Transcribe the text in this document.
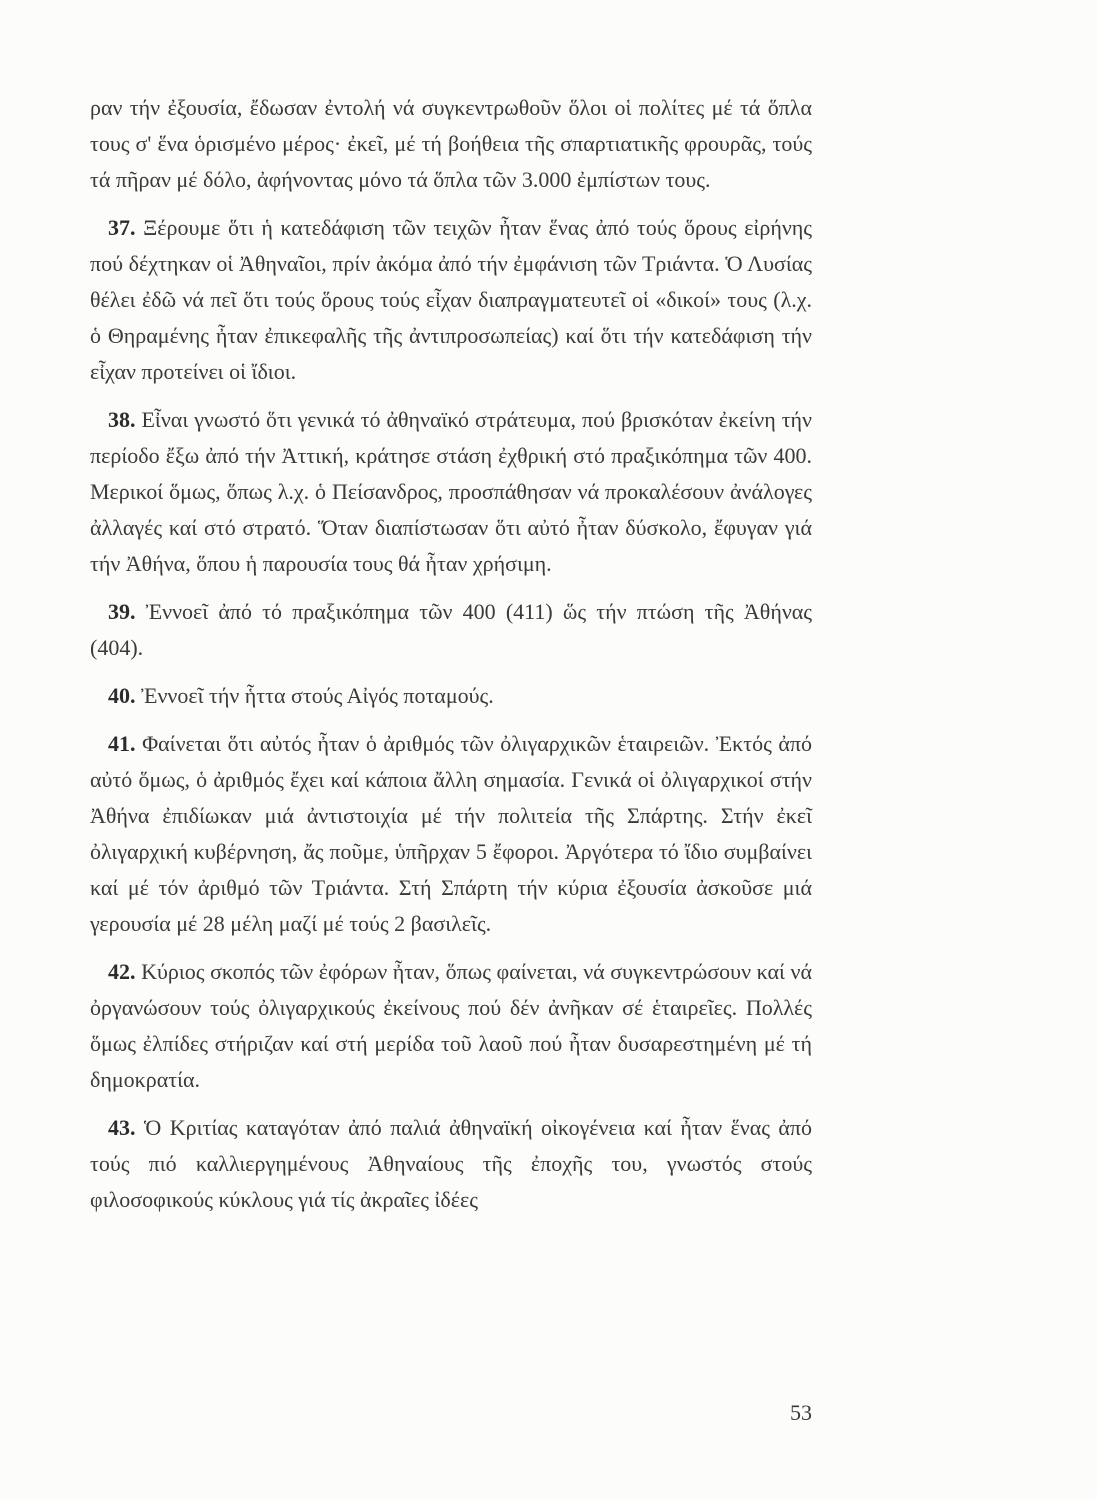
ραν τήν ἐξουσία, ἔδωσαν ἐντολή νά συγκεντρωθοῦν ὅλοι οἱ πολίτες μέ τά ὅπλα τους σ' ἕνα ὁρισμένο μέρος· ἐκεῖ, μέ τή βοήθεια τῆς σπαρτιατικῆς φρουρᾶς, τούς τά πῆραν μέ δόλο, ἀφήνοντας μόνο τά ὅπλα τῶν 3.000 ἐμπίστων τους.

37. Ξέρουμε ὅτι ἡ κατεδάφιση τῶν τειχῶν ἦταν ἕνας ἀπό τούς ὅρους εἰρήνης πού δέχτηκαν οἱ Ἀθηναῖοι, πρίν ἀκόμα ἀπό τήν ἐμφάνιση τῶν Τριάντα. Ὁ Λυσίας θέλει ἐδῶ νά πεῖ ὅτι τούς ὅρους τούς εἶχαν διαπραγματευτεῖ οἱ «δικοί» τους (λ.χ. ὁ Θηραμένης ἦταν ἐπικεφαλῆς τῆς ἀντιπροσωπείας) καί ὅτι τήν κατεδάφιση τήν εἶχαν προτείνει οἱ ἴδιοι.

38. Εἶναι γνωστό ὅτι γενικά τό ἀθηναϊκό στράτευμα, πού βρισκόταν ἐκείνη τήν περίοδο ἔξω ἀπό τήν Ἀττική, κράτησε στάση ἐχθρική στό πραξικόπημα τῶν 400. Μερικοί ὅμως, ὅπως λ.χ. ὁ Πείσανδρος, προσπάθησαν νά προκαλέσουν ἀνάλογες ἀλλαγές καί στό στρατό. Ὅταν διαπίστωσαν ὅτι αὐτό ἦταν δύσκολο, ἔφυγαν γιά τήν Ἀθήνα, ὅπου ἡ παρουσία τους θά ἦταν χρήσιμη.

39. Ἐννοεῖ ἀπό τό πραξικόπημα τῶν 400 (411) ὥς τήν πτώση τῆς Ἀθήνας (404).

40. Ἐννοεῖ τήν ἧττα στούς Αἰγός ποταμούς.

41. Φαίνεται ὅτι αὐτός ἦταν ὁ ἀριθμός τῶν ὀλιγαρχικῶν ἑταιρειῶν. Ἐκτός ἀπό αὐτό ὅμως, ὁ ἀριθμός ἔχει καί κάποια ἄλλη σημασία. Γενικά οἱ ὀλιγαρχικοί στήν Ἀθήνα ἐπιδίωκαν μιά ἀντιστοιχία μέ τήν πολιτεία τῆς Σπάρτης. Στήν ἐκεῖ ὀλιγαρχική κυβέρνηση, ἄς ποῦμε, ὑπῆρχαν 5 ἔφοροι. Ἀργότερα τό ἴδιο συμβαίνει καί μέ τόν ἀριθμό τῶν Τριάντα. Στή Σπάρτη τήν κύρια ἐξουσία ἀσκοῦσε μιά γερουσία μέ 28 μέλη μαζί μέ τούς 2 βασιλεῖς.

42. Κύριος σκοπός τῶν ἐφόρων ἦταν, ὅπως φαίνεται, νά συγκεντρώσουν καί νά ὀργανώσουν τούς ὀλιγαρχικούς ἐκείνους πού δέν ἀνῆκαν σέ ἑταιρεῖες. Πολλές ὅμως ἐλπίδες στήριζαν καί στή μερίδα τοῦ λαοῦ πού ἦταν δυσαρεστημένη μέ τή δημοκρατία.

43. Ὁ Κριτίας καταγόταν ἀπό παλιά ἀθηναϊκή οἰκογένεια καί ἦταν ἕνας ἀπό τούς πιό καλλιεργημένους Ἀθηναίους τῆς ἐποχῆς του, γνωστός στούς φιλοσοφικούς κύκλους γιά τίς ἀκραῖες ἰδέες

53
